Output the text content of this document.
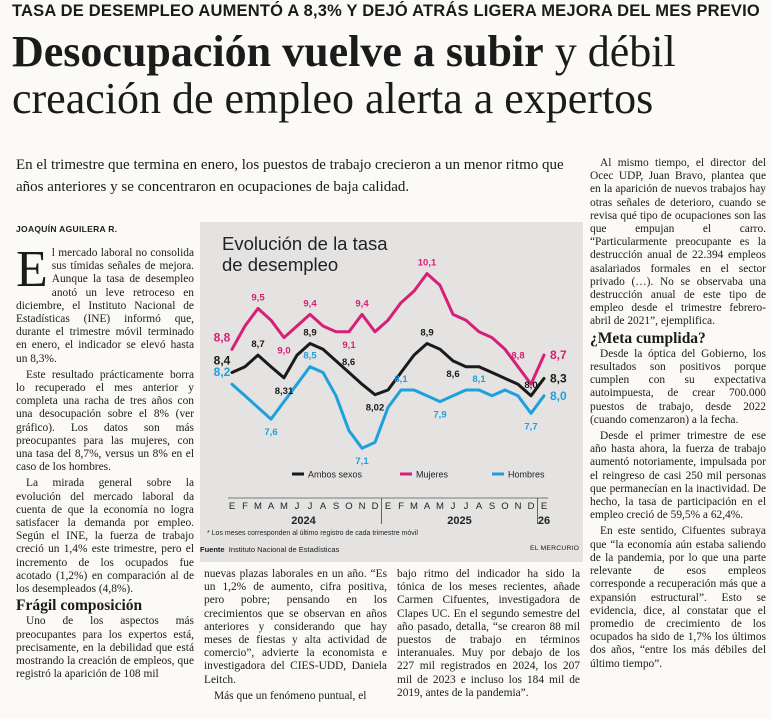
TASA DE DESEMPLEO AUMENTÓ A 8,3% Y DEJÓ ATRÁS LIGERA MEJORA DEL MES PREVIO
Desocupación vuelve a subir y débil
creación de empleo alerta a expertos
En el trimestre que termina en enero, los puestos de trabajo crecieron a un menor ritmo que años anteriores y se concentraron en ocupaciones de baja calidad.
JOAQUÍN AGUILERA R.

El mercado laboral no consolida sus tímidas señales de mejora. Aunque la tasa de desempleo anotó un leve retroceso en diciembre, el Instituto Nacional de Estadísticas (INE) informó que, durante el trimestre móvil terminado en enero, el indicador se elevó hasta un 8,3%.

Este resultado prácticamente borra lo recuperado el mes anterior y completa una racha de tres años con una desocupación sobre el 8% (ver gráfico). Los datos son más preocupantes para las mujeres, con una tasa del 8,7%, versus un 8% en el caso de los hombres.

La mirada general sobre la evolución del mercado laboral da cuenta de que la economía no logra satisfacer la demanda por empleo. Según el INE, la fuerza de trabajo creció un 1,4% este trimestre, pero el incremento de los ocupados fue acotado (1,2%) en comparación al de los desempleados (4,8%).

Frágil composición

Uno de los aspectos más preocupantes para los expertos está, precisamente, en la debilidad que está mostrando la creación de empleos, que registró la aparición de 108 mil

Evolución de la tasa
de desempleo
8,4
8,7
8,31
8,9
8,6
8,02
8,9
8,6
8,0 8,3
8,8
9,5
9,0
9,4
9,1
9,4
10,1
8,8 8,7
8,2
7,6
8,5
7,1
8,1
7,9
8,1
7,7
8,0
Ambos sexos	Mujeres	Hombres
E F M A M J J A S O N D E F M A M J J A S O N D E
2024	2025	26
* Los meses corresponden al último registro de cada trimestre móvil
Fuente Instituto Nacional de Estadísticas	EL MERCURIO

nuevas plazas laborales en un año. “Es un 1,2% de aumento, cifra positiva, pero pobre; pensando en los crecimientos que se observan en años anteriores y considerando que hay meses de fiestas y alta actividad de comercio”, advierte la economista e investigadora del CIES-UDD, Daniela Leitch.

Más que un fenómeno puntual, el

bajo ritmo del indicador ha sido la tónica de los meses recientes, añade Carmen Cifuentes, investigadora de Clapes UC. En el segundo semestre del año pasado, detalla, “se crearon 88 mil puestos de trabajo en términos interanuales. Muy por debajo de los 227 mil registrados en 2024, los 207 mil de 2023 e incluso los 184 mil de 2019, antes de la pandemia”.

Al mismo tiempo, el director del Ocec UDP, Juan Bravo, plantea que en la aparición de nuevos trabajos hay otras señales de deterioro, cuando se revisa qué tipo de ocupaciones son las que empujan el carro. “Particularmente preocupante es la destrucción anual de 22.394 empleos asalariados formales en el sector privado (…). No se observaba una destrucción anual de este tipo de empleo desde el trimestre febrero-abril de 2021”, ejemplifica.

¿Meta cumplida?

Desde la óptica del Gobierno, los resultados son positivos porque cumplen con su expectativa autoimpuesta, de crear 700.000 puestos de trabajo, desde 2022 (cuando comenzaron) a la fecha.

Desde el primer trimestre de ese año hasta ahora, la fuerza de trabajo aumentó notoriamente, impulsada por el reingreso de casi 250 mil personas que permanecían en la inactividad. De hecho, la tasa de participación en el empleo creció de 59,5% a 62,4%.

En este sentido, Cifuentes subraya que “la economía aún estaba saliendo de la pandemia, por lo que una parte relevante de esos empleos corresponde a recuperación más que a expansión estructural”. Esto se evidencia, dice, al constatar que el promedio de crecimiento de los ocupados ha sido de 1,7% los últimos dos años, “entre los más débiles del último tiempo”.
